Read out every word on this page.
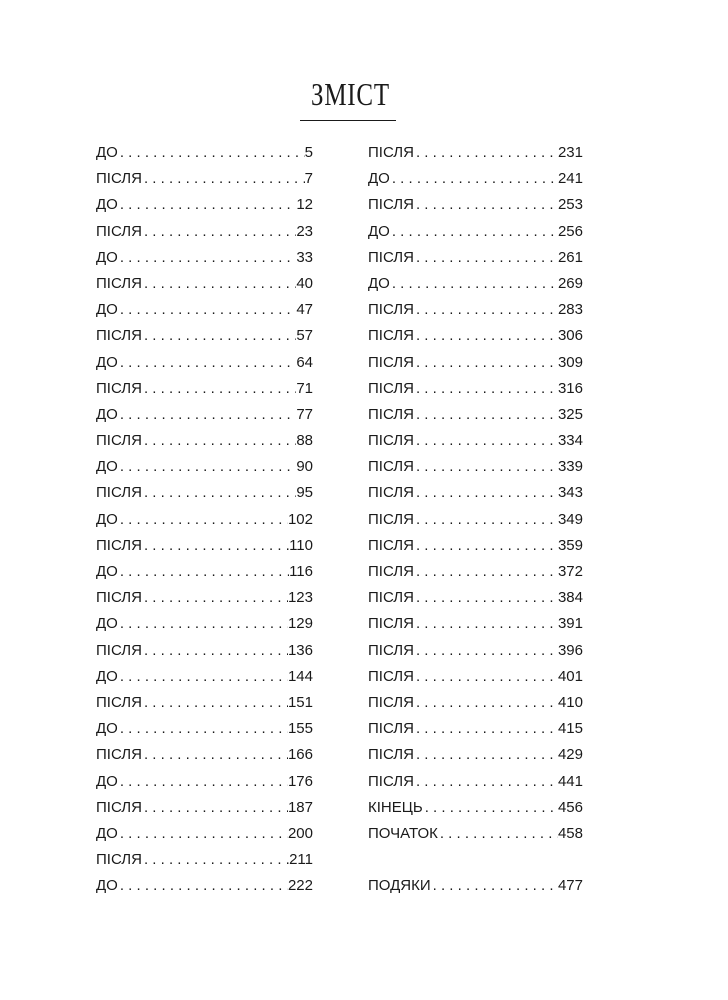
ЗМІСТ
ДО . . .	5
ПІСЛЯ . . .	7
ДО . . .	12
ПІСЛЯ . . .	23
ДО . . .	33
ПІСЛЯ . . .	40
ДО . . .	47
ПІСЛЯ . . .	57
ДО . . .	64
ПІСЛЯ . . .	71
ДО . . .	77
ПІСЛЯ . . .	88
ДО . . .	90
ПІСЛЯ . . .	95
ДО . . .	102
ПІСЛЯ . . .	110
ДО . . .	116
ПІСЛЯ . . .	123
ДО . . .	129
ПІСЛЯ . . .	136
ДО . . .	144
ПІСЛЯ . . .	151
ДО . . .	155
ПІСЛЯ . . .	166
ДО . . .	176
ПІСЛЯ . . .	187
ДО . . .	200
ПІСЛЯ . . .	211
ДО . . .	222
ПІСЛЯ . . .	231
ДО . . .	241
ПІСЛЯ . . .	253
ДО . . .	256
ПІСЛЯ . . .	261
ДО . . .	269
ПІСЛЯ . . .	283
ПІСЛЯ . . .	306
ПІСЛЯ . . .	309
ПІСЛЯ . . .	316
ПІСЛЯ . . .	325
ПІСЛЯ . . .	334
ПІСЛЯ . . .	339
ПІСЛЯ . . .	343
ПІСЛЯ . . .	349
ПІСЛЯ . . .	359
ПІСЛЯ . . .	372
ПІСЛЯ . . .	384
ПІСЛЯ . . .	391
ПІСЛЯ . . .	396
ПІСЛЯ . . .	401
ПІСЛЯ . . .	410
ПІСЛЯ . . .	415
ПІСЛЯ . . .	429
ПІСЛЯ . . .	441
КІНЕЦЬ . . .	456
ПОЧАТОК . . .	458
ПОДЯКИ . . .	477
